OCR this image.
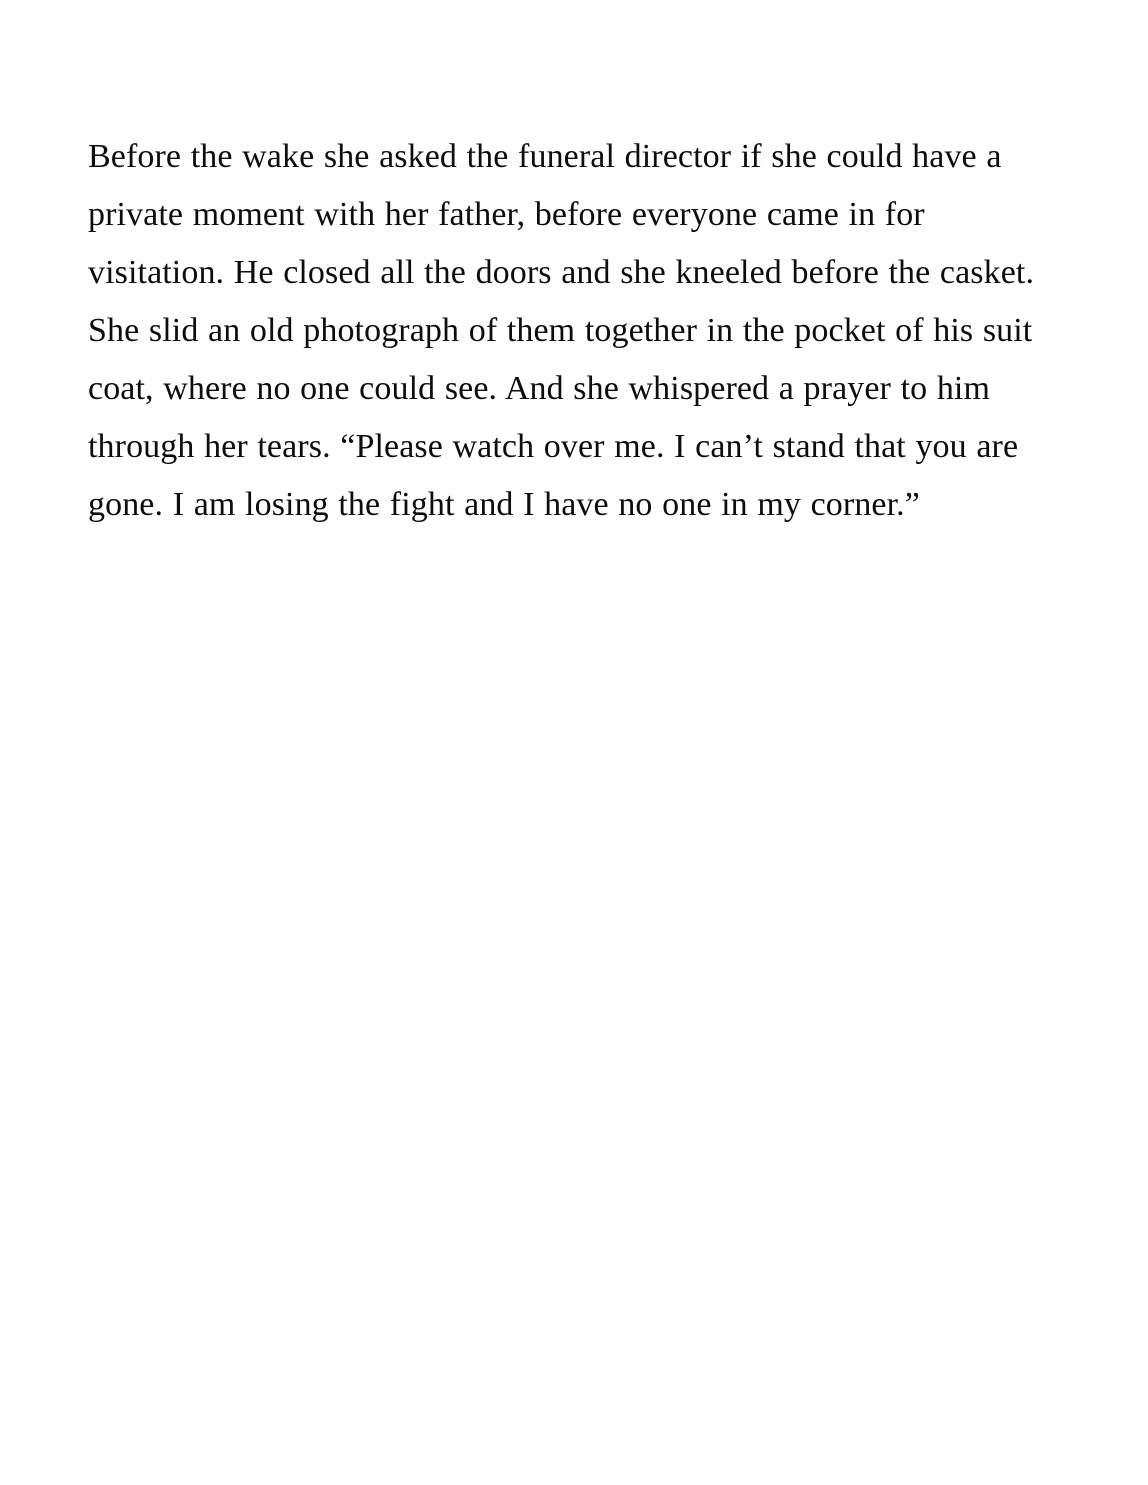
Before the wake she asked the funeral director if she could have a private moment with her father, before everyone came in for visitation. He closed all the doors and she kneeled before the casket. She slid an old photograph of them together in the pocket of his suit coat, where no one could see. And she whispered a prayer to him through her tears. “Please watch over me. I can’t stand that you are gone. I am losing the fight and I have no one in my corner.”
